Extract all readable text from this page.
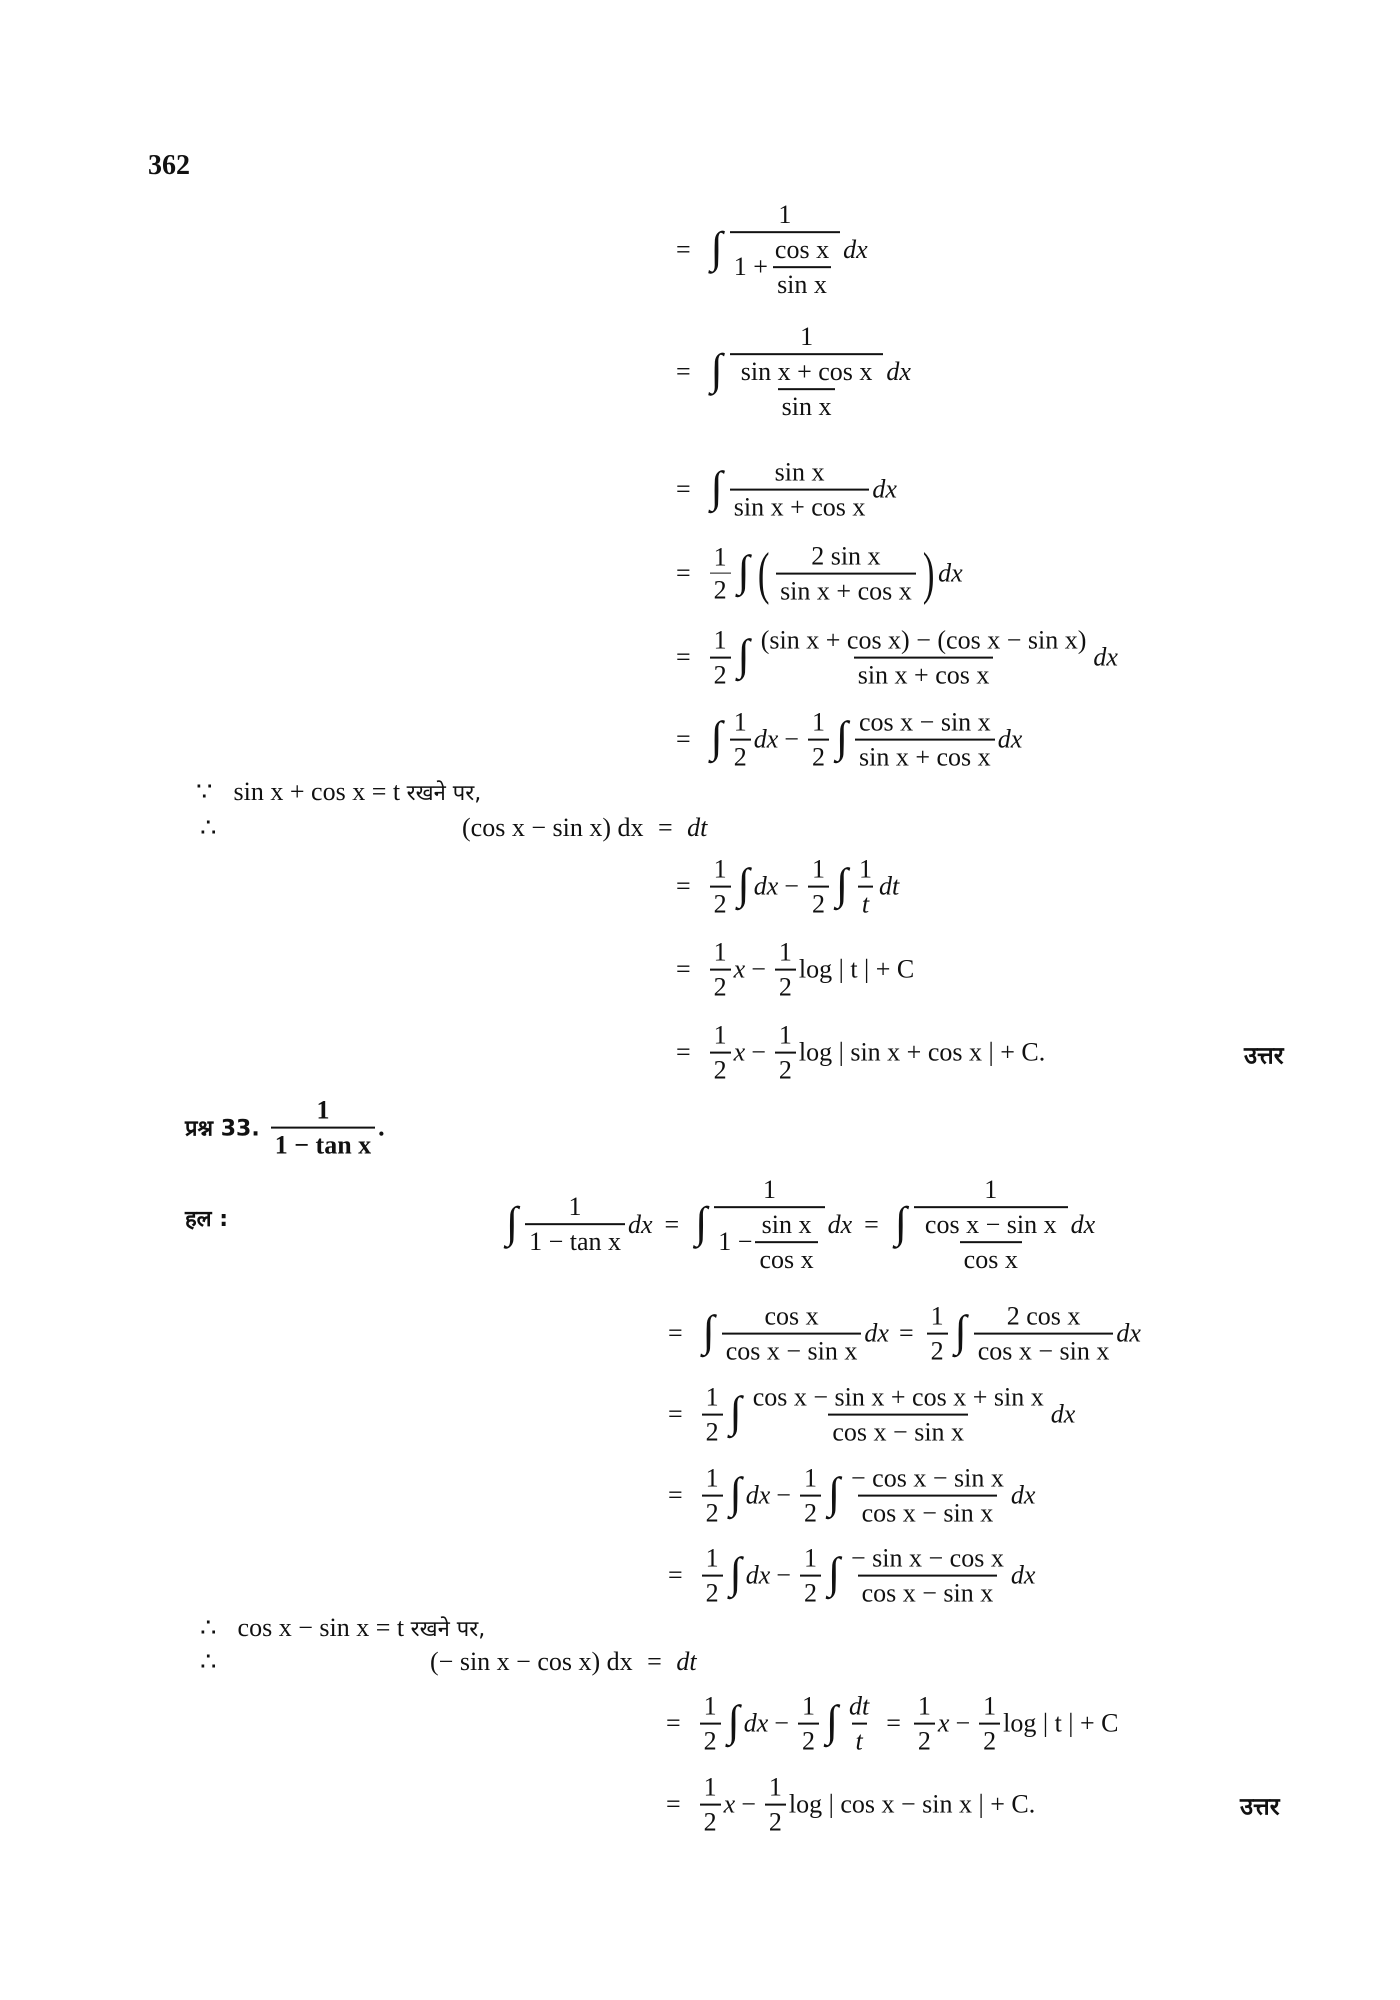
362
= ∫ $\frac{1}{1 + \frac{\text{cos x}}{\text{sin x}}}$ dx
= ∫ $\frac{1}{\frac{\text{sin x + cos x}}{\text{sin x}}}$ dx
= ∫ $\frac{\text{sin x}}{\text{sin x + cos x}}$ dx
= $\frac{1}{2}$ ∫ ( $\frac{\text{2 sin x}}{\text{sin x + cos x}}$ ) dx
= $\frac{1}{2}$ ∫ $\frac{\text{(sin x + cos x) − (cos x − sin x)}}{\text{sin x + cos x}}$ dx
= ∫ $\frac{1}{2}$ dx − $\frac{1}{2}$ ∫ $\frac{\text{cos x − sin x}}{\text{sin x + cos x}}$ dx
∵ sin x + cos x = t रखने पर,
∴	(cos x − sin x) dx = dt
= $\frac{1}{2}$ ∫ dx − $\frac{1}{2}$ ∫ $\frac{1}{t}$ dt
= $\frac{1}{2}$ $x - \frac{1}{2}$ log | t | + C
= $\frac{1}{2}$ $x - \frac{1}{2}$ log | sin x + cos x | + C.	उत्तर
प्रश्न 33. $\frac{1}{\text{1 − tan x}}$ .
हल :	∫ $\frac{1}{\text{1 − tan x}}$ dx = ∫ $\frac{1}{1 - \frac{\text{sin x}}{\text{cos x}}}$ dx = ∫ $\frac{1}{\frac{\text{cos x − sin x}}{\text{cos x}}}$ dx
= ∫ $\frac{\text{cos x}}{\text{cos x − sin x}}$ dx = $\frac{1}{2}$ ∫ $\frac{\text{2 cos x}}{\text{cos x − sin x}}$ dx
= $\frac{1}{2}$ ∫ $\frac{\text{cos x − sin x + cos x + sin x}}{\text{cos x − sin x}}$ dx
= $\frac{1}{2}$ ∫ dx − $\frac{1}{2}$ ∫ $\frac{\text{− cos x − sin x}}{\text{cos x − sin x}}$ dx
= $\frac{1}{2}$ ∫ dx − $\frac{1}{2}$ ∫ $\frac{\text{− sin x − cos x}}{\text{cos x − sin x}}$ dx
∴ cos x − sin x = t रखने पर,
∴	(− sin x − cos x) dx = dt
= $\frac{1}{2}$ ∫ dx − $\frac{1}{2}$ ∫ $\frac{dt}{t} = \frac{1}{2}$ $x - \frac{1}{2}$ log | t | + C
= $\frac{1}{2}$ $x - \frac{1}{2}$ log | cos x − sin x | + C.	उत्तर
